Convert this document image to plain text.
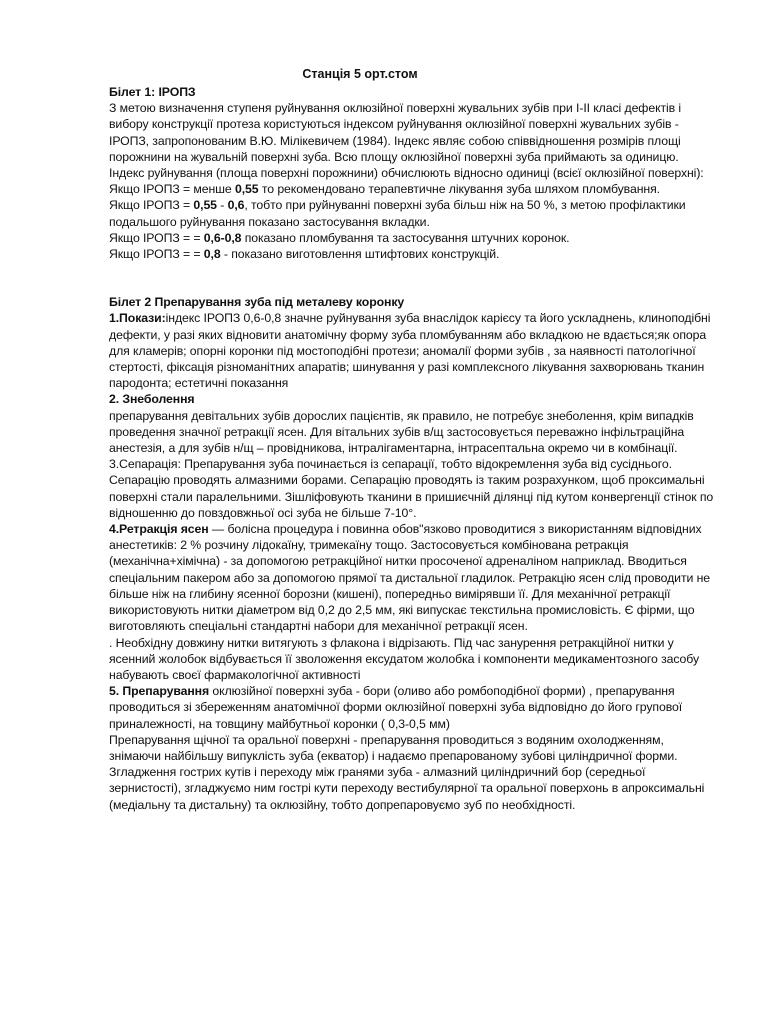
Станція 5 орт.стом

Білет 1: ІРОПЗ

З метою визначення ступеня руйнування оклюзійної поверхні жувальних зубів при І-ІІ класі дефектів і вибору конструкції протеза користуються індексом руйнування оклюзійної поверхні жувальних зубів - ІРОПЗ, запропонованим В.Ю. Мілікевичем (1984). Індекс являє собою співвідношення розмірів площі порожнини на жувальній поверхні зуба. Всю площу оклюзійної поверхні зуба приймають за одиницю. Індекс руйнування (площа поверхні порожнини) обчислюють відносно одиниці (всієї оклюзійної поверхні):

Якщо ІРОПЗ = менше 0,55 то рекомендовано терапевтичне лікування зуба шляхом пломбування.

Якщо ІРОПЗ = 0,55 - 0,6, тобто при руйнуванні поверхні зуба більш ніж на 50 %, з метою профілактики подальшого руйнування показано застосування вкладки.

Якщо ІРОПЗ = = 0,6-0,8 показано пломбування та застосування штучних коронок.

Якщо ІРОПЗ = = 0,8 - показано виготовлення штифтових конструкцій.

Білет 2 Препарування зуба під металеву коронку

1.Покази:індекс ІРОПЗ 0,6-0,8 значне руйнування зуба внаслідок карієсу та його ускладнень, клиноподібні дефекти, у разі яких відновити анатомічну форму зуба пломбуванням або вкладкою не вдається;як опора для кламерів; опорні коронки під мостоподібні протези; аномалії форми зубів , за наявності патологічної стертості, фіксація різноманітних апаратів; шинування у разі комплексного лікування захворювань тканин пародонта; естетичні показання

2. Знеболення

препарування девітальних зубів дорослих пацієнтів, як правило, не потребує знеболення, крім випадків проведення значної ретракції ясен. Для вітальних зубів в/щ застосовується переважно інфільтраційна анестезія, а для зубів н/щ – провідникова, інтралігаментарна, інтрасептальна окремо чи в комбінації.

3.Сепарація: Препарування зуба починається із сепарації, тобто відокремлення зуба від сусіднього. Сепарацію проводять алмазними борами. Сепарацію проводять із таким розрахунком, щоб проксимальні поверхні стали паралельними. Зішліфовують тканини в пришиєчній ділянці під кутом конвергенції стінок по відношенню до повздовжньої осі зуба не більше 7-10°.

4.Ретракція ясен — болісна процедура і повинна обов"язково проводитися з використанням відповідних анестетиків: 2 % розчину лідокаїну, тримекаїну тощо. Застосовується комбінована ретракція (механічна+хімічна) - за допомогою ретракційної нитки просоченої адреналіном наприклад. Вводиться спеціальним пакером або за допомогою прямої та дистальної гладилок. Ретракцію ясен слід проводити не більше ніж на глибину ясенної борозни (кишені), попередньо вимірявши її. Для механічної ретракції використовують нитки діаметром від 0,2 до 2,5 мм, які випускає текстильна промисловість. Є фірми, що виготовляють спеціальні стандартні набори для механічної ретракції ясен.

. Необхідну довжину нитки витягують з флакона і відрізають. Під час занурення ретракційної нитки у ясенний жолобок відбувається її зволоження ексудатом жолобка і компоненти медикаментозного засобу набувають своєї фармакологічної активності

5. Препарування оклюзійної поверхні зуба - бори (оливо або ромбоподібної форми) , препарування проводиться зі збереженням анатомічної форми оклюзійної поверхні зуба відповідно до його групової приналежності, на товщину майбутньої коронки ( 0,3-0,5 мм)

Препарування щічної та оральної поверхні - препарування проводиться з водяним охолодженням, знімаючи найбільшу випуклість зуба (екватор) і надаємо препарованому зубові циліндричної форми.

Згладження гострих кутів і переходу між гранями зуба - алмазний циліндричний бор (середньої зернистості), згладжуємо ним гострі кути переходу вестибулярної та оральної поверхонь в апроксимальні (медіальну та дистальну) та оклюзійну, тобто допрепаровуємо зуб по необхідності.
